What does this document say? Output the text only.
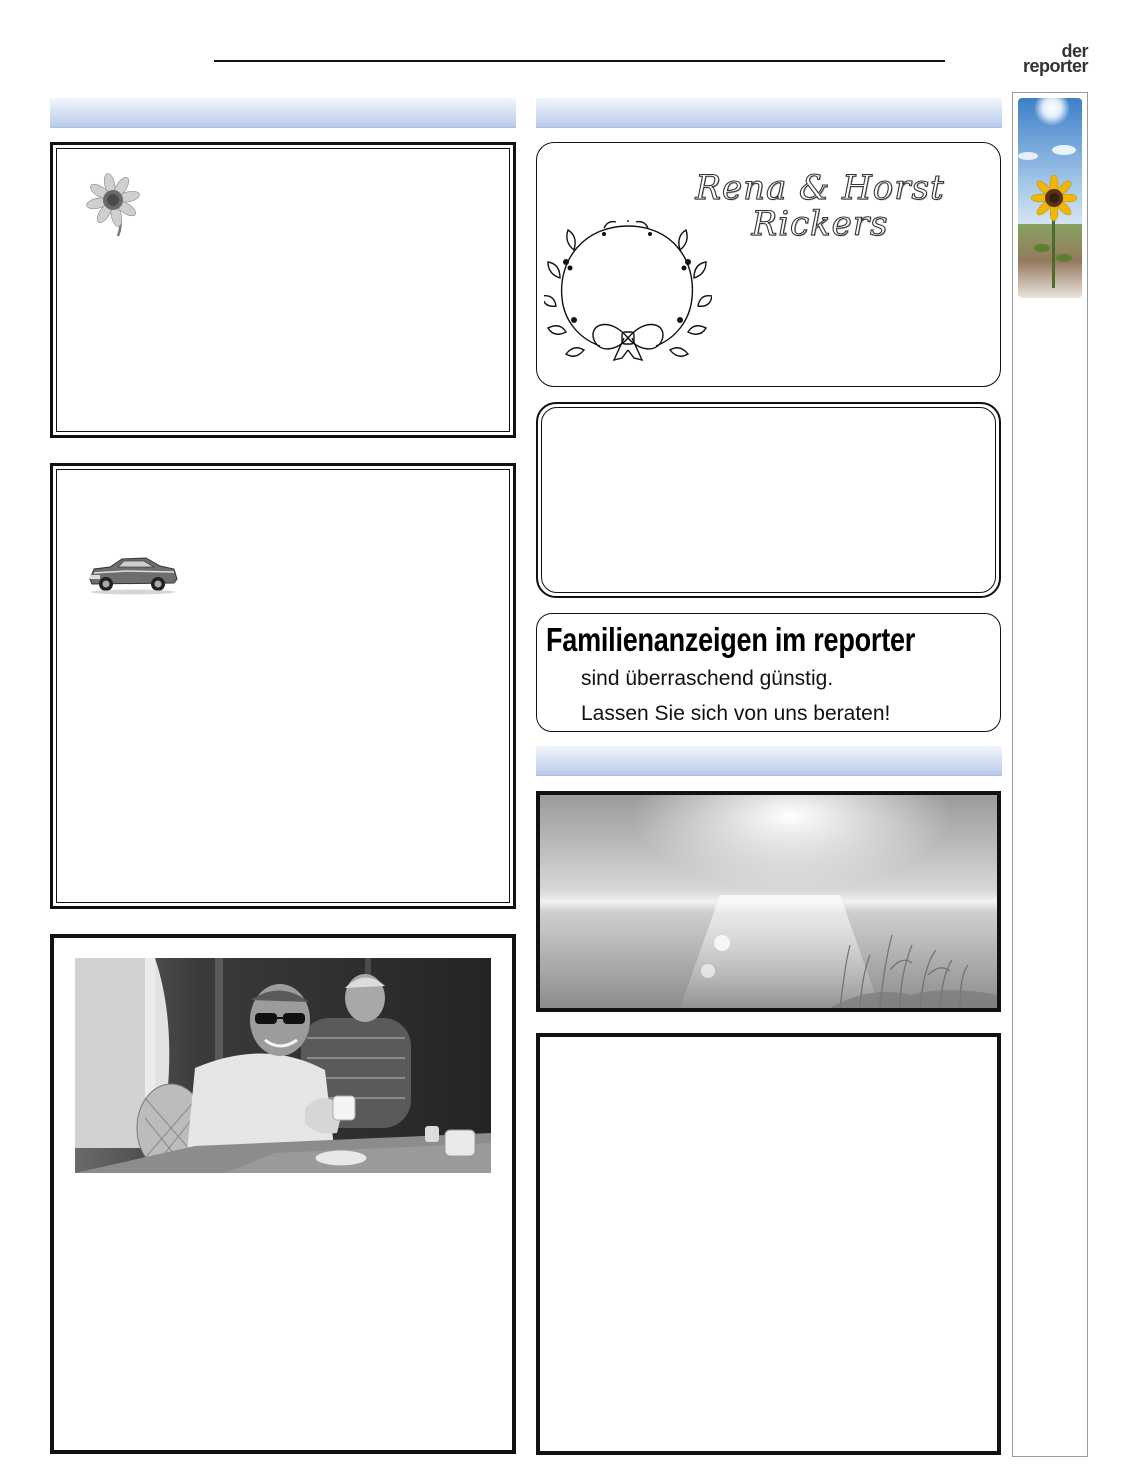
der
reporter
Rena & Horst
Rickers
Familienanzeigen im reporter
sind überraschend günstig.
Lassen Sie sich von uns beraten!
